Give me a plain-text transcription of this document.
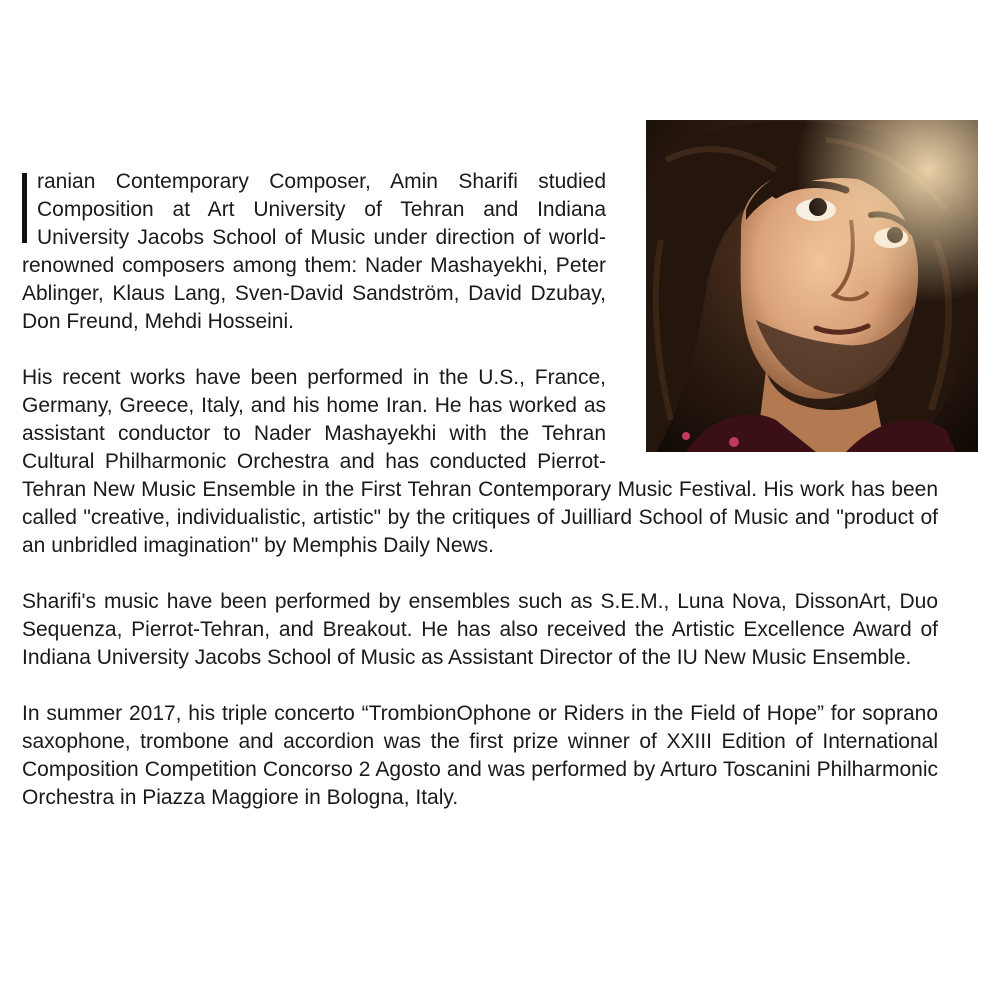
ranian Contemporary Composer, Amin Sharifi studied Composition at Art University of Tehran and Indiana University Jacobs School of Music under direction of world-renowned composers among them: Nader Mashayekhi, Peter Ablinger, Klaus Lang, Sven-David Sandström, David Dzubay, Don Freund, Mehdi Hosseini.

His recent works have been performed in the U.S., France, Germany, Greece, Italy, and his home Iran. He has worked as assistant conductor to Nader Mashayekhi with the Tehran Cultural Philharmonic Orchestra and has conducted Pierrot-Tehran New Music Ensemble in the First Tehran Contemporary Music Festival. His work has been called "creative, individualistic, artistic" by the critiques of Juilliard School of Music and "product of an unbridled imagination" by Memphis Daily News.

Sharifi's music have been performed by ensembles such as S.E.M., Luna Nova, DissonArt, Duo Sequenza, Pierrot-Tehran, and Breakout. He has also received the Artistic Excellence Award of Indiana University Jacobs School of Music as Assistant Director of the IU New Music Ensemble.

In summer 2017, his triple concerto “TrombionOphone or Riders in the Field of Hope” for soprano saxophone, trombone and accordion was the first prize winner of XXIII Edition of International Composition Competition Concorso 2 Agosto and was performed by Arturo Toscanini Philharmonic Orchestra in Piazza Maggiore in Bologna, Italy.
